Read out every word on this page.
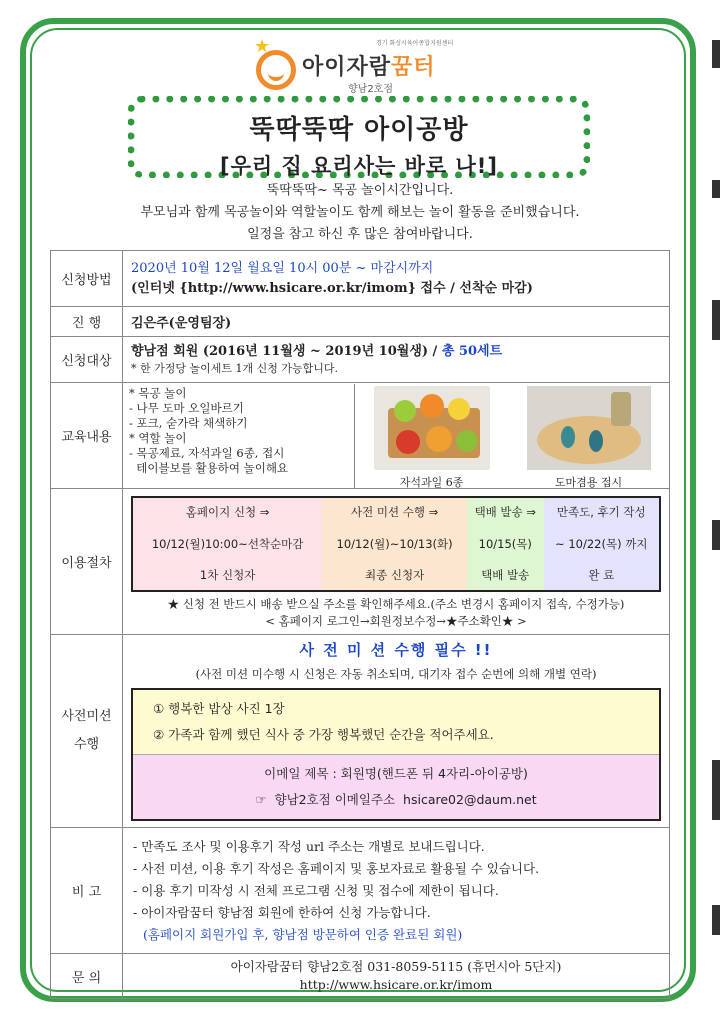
★	경기 화성시육아종합지원센터
아이자람꿈터
향남2호점
뚝딱뚝딱 아이공방
[우리 집 요리사는 바로 나!]
뚝딱뚝딱~ 목공 놀이시간입니다.
부모님과 함께 목공놀이와 역할놀이도 함께 해보는 놀이 활동을 준비했습니다.
일정을 참고 하신 후 많은 참여바랍니다.
신청방법	
2020년 10월 12일 월요일 10시 00분 ~ 마감시까지
(인터넷 {http://www.hsicare.or.kr/imom} 접수 / 선착순 마감)

진 행	김은주(운영팀장)
신청대상	
향남점 회원 (2016년 11월생 ~ 2019년 10월생) / 총 50세트
* 한 가정당 놀이세트 1개 신청 가능합니다.

교육내용	
* 목공 놀이
- 나무 도마 오일바르기
- 포크, 숟가락 채색하기
* 역할 놀이
- 목공제료, 자석과일 6종, 접시
테이블보를 활용하여 놀이해요
자석과일 6종	도마겸용 접시

이용절차	
홈페이지 신청 ⇒	사전 미션 수행 ⇒	택배 발송 ⇒	만족도, 후기 작성
10/12(월)10:00~선착순마감	10/12(월)~10/13(화)	10/15(목)	~ 10/22(목) 까지
1차 신청자	최종 신청자	택배 발송	완 료
★ 신청 전 반드시 배송 받으실 주소를 확인해주세요.(주소 변경시 홈페이지 접속, 수정가능)
< 홈페이지 로그인→회원정보수정→★주소확인★ >

사전미션
수행

사 전 미 션 수행 필수 !!
(사전 미션 미수행 시 신청은 자동 취소되며, 대기자 접수 순번에 의해 개별 연락)
① 행복한 밥상 사진 1장
② 가족과 함께 했던 식사 중 가장 행복했던 순간을 적어주세요.
이메일 제목 : 회원명(핸드폰 뒤 4자리-아이공방)
☞  향남2호점 이메일주소  hsicare02@daum.net

비 고	
- 만족도 조사 및 이용후기 작성 url 주소는 개별로 보내드립니다.
- 사전 미션, 이용 후기 작성은 홈페이지 및 홍보자료로 활용될 수 있습니다.
- 이용 후기 미작성 시 전체 프로그램 신청 및 접수에 제한이 됩니다.
- 아이자람꿈터 향남점 회원에 한하여 신청 가능합니다.
(홈페이지 회원가입 후, 향남점 방문하여 인증 완료된 회원)

문 의	
아이자람꿈터 향남2호점 031-8059-5115 (휴먼시아 5단지)
http://www.hsicare.or.kr/imom
